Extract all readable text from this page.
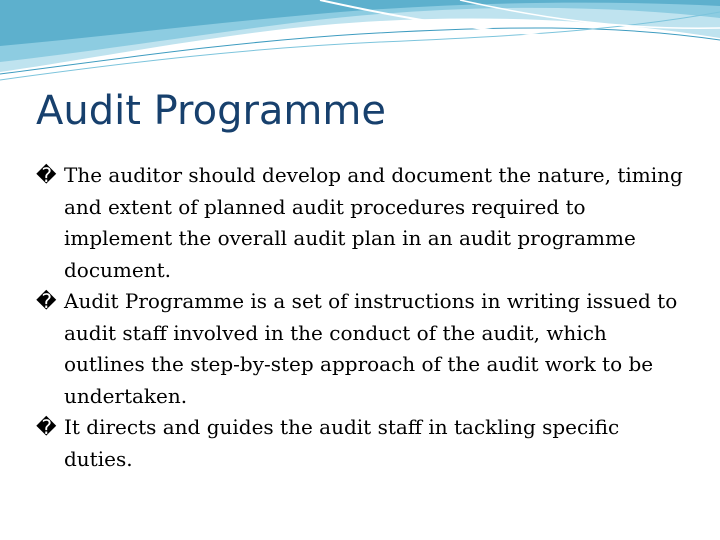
Audit Programme
� The auditor should develop and document the nature, timing and extent of planned audit procedures required to implement the overall audit plan in an audit programme document.
� Audit Programme is a set of instructions in writing issued to audit staff involved in the conduct of the audit, which outlines the step-by-step approach of the audit work to be undertaken.
� It directs and guides the audit staff in tackling specific duties.
